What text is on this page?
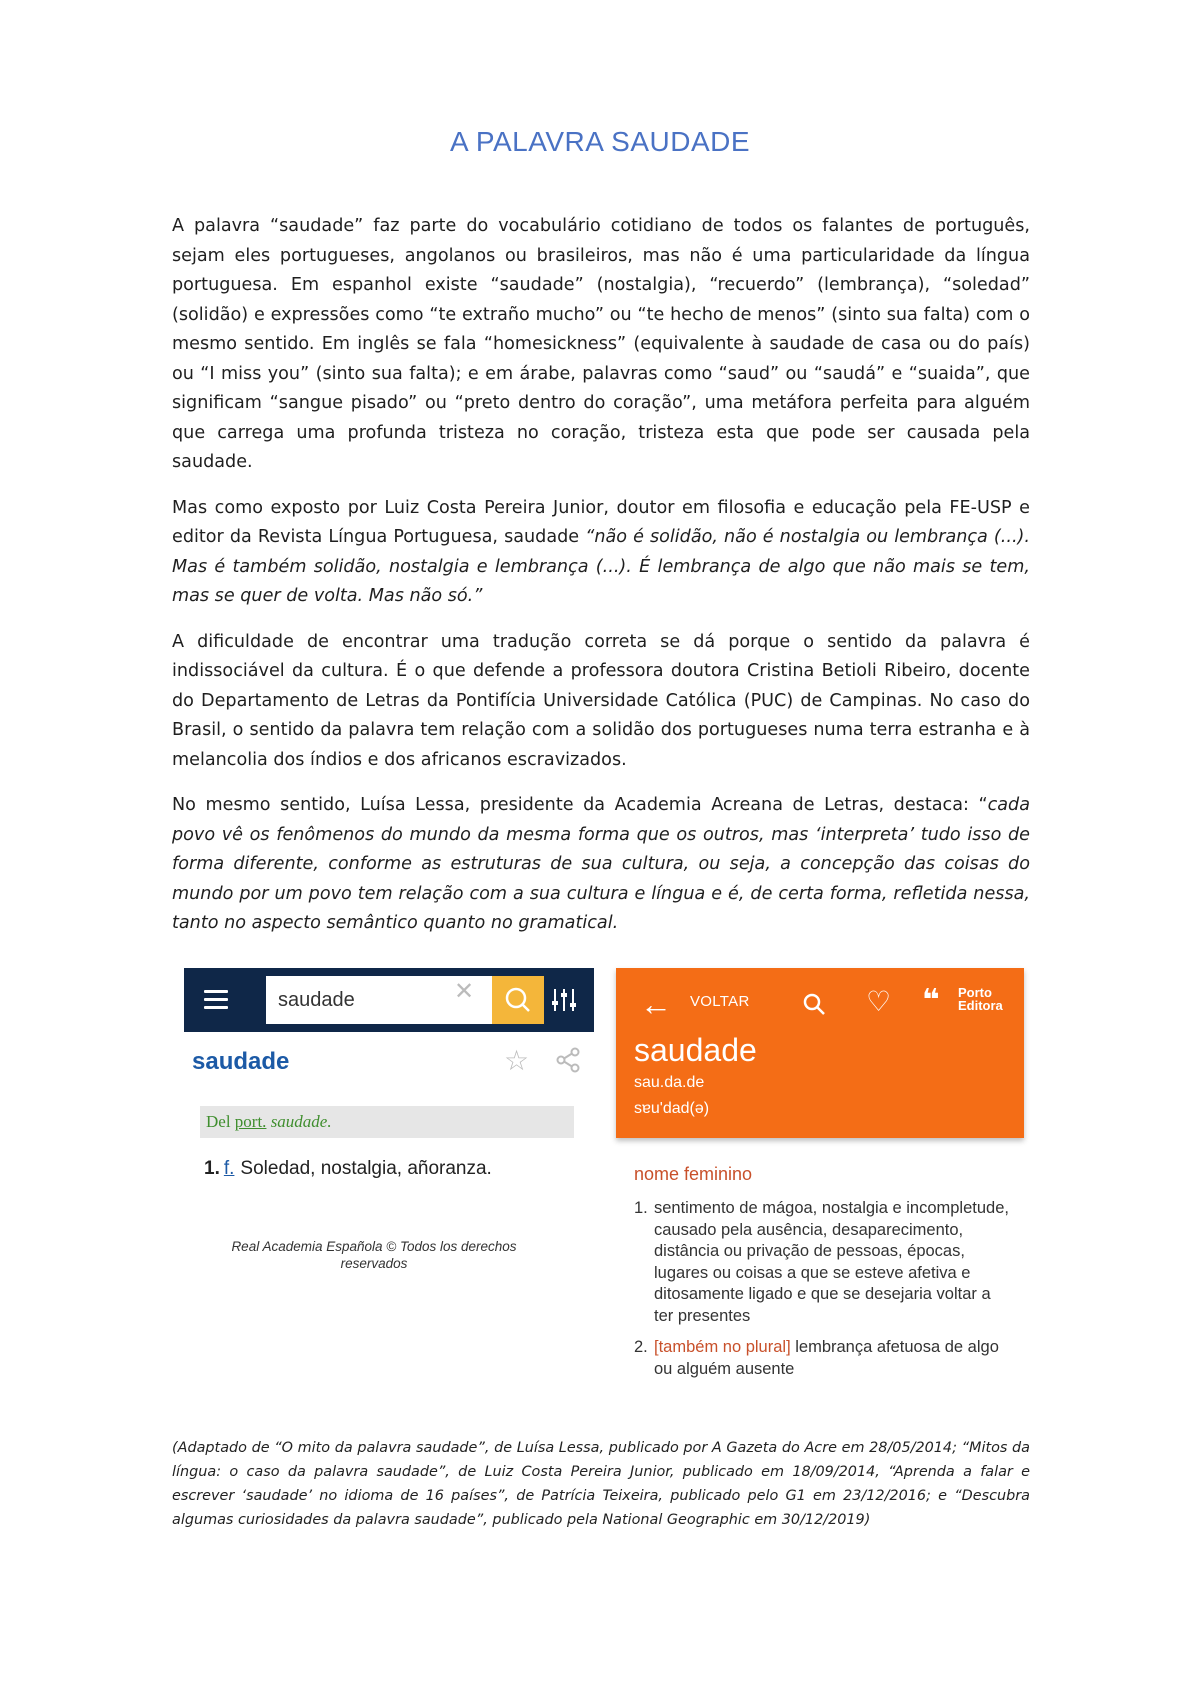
A PALAVRA SAUDADE

A palavra “saudade” faz parte do vocabulário cotidiano de todos os falantes de português, sejam eles portugueses, angolanos ou brasileiros, mas não é uma particularidade da língua portuguesa. Em espanhol existe “saudade” (nostalgia), “recuerdo” (lembrança), “soledad” (solidão) e expressões como “te extraño mucho” ou “te hecho de menos” (sinto sua falta) com o mesmo sentido. Em inglês se fala “homesickness” (equivalente à saudade de casa ou do país) ou “I miss you” (sinto sua falta); e em árabe, palavras como “saud” ou “saudá” e “suaida”, que significam “sangue pisado” ou “preto dentro do coração”, uma metáfora perfeita para alguém que carrega uma profunda tristeza no coração, tristeza esta que pode ser causada pela saudade.

Mas como exposto por Luiz Costa Pereira Junior, doutor em filosofia e educação pela FE-USP e editor da Revista Língua Portuguesa, saudade “não é solidão, não é nostalgia ou lembrança (...). Mas é também solidão, nostalgia e lembrança (...). É lembrança de algo que não mais se tem, mas se quer de volta. Mas não só.”

A dificuldade de encontrar uma tradução correta se dá porque o sentido da palavra é indissociável da cultura. É o que defende a professora doutora Cristina Betioli Ribeiro, docente do Departamento de Letras da Pontifícia Universidade Católica (PUC) de Campinas. No caso do Brasil, o sentido da palavra tem relação com a solidão dos portugueses numa terra estranha e à melancolia dos índios e dos africanos escravizados.

No mesmo sentido, Luísa Lessa, presidente da Academia Acreana de Letras, destaca: “cada povo vê os fenômenos do mundo da mesma forma que os outros, mas ‘interpreta’ tudo isso de forma diferente, conforme as estruturas de sua cultura, ou seja, a concepção das coisas do mundo por um povo tem relação com a sua cultura e língua e é, de certa forma, refletida nessa, tanto no aspecto semântico quanto no gramatical.

saudade	✕
saudade	☆
Del port. saudade.
1. f. Soledad, nostalgia, añoranza.
Real Academia Española © Todos los derechos reservados
← VOLTAR	♡ ❝ Porto
Editora
saudade
sau.da.de
sɐu'dad(ə)
nome feminino
1. sentimento de mágoa, nostalgia e incompletude, causado pela ausência, desaparecimento, distância ou privação de pessoas, épocas, lugares ou coisas a que se esteve afetiva e ditosamente ligado e que se desejaria voltar a ter presentes
2. [também no plural] lembrança afetuosa de algo ou alguém ausente
(Adaptado de “O mito da palavra saudade”, de Luísa Lessa, publicado por A Gazeta do Acre em 28/05/2014; “Mitos da língua: o caso da palavra saudade”, de Luiz Costa Pereira Junior, publicado em 18/09/2014, “Aprenda a falar e escrever ‘saudade’ no idioma de 16 países”, de Patrícia Teixeira, publicado pelo G1 em 23/12/2016; e “Descubra algumas curiosidades da palavra saudade”, publicado pela National Geographic em 30/12/2019)
